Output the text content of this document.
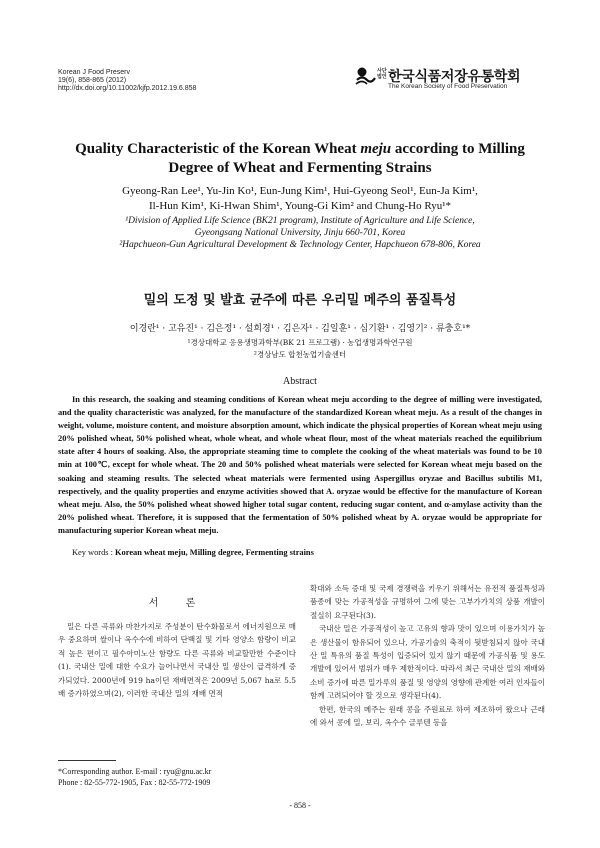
Korean J Food Preserv
19(6), 858-865 (2012)
http://dx.doi.org/10.11002/kjfp.2012.19.6.858
사단법인 한국식품저장유통학회
The Korean Society of Food Preservation
Quality Characteristic of the Korean Wheat meju according to Milling
Degree of Wheat and Fermenting Strains
Gyeong-Ran Lee¹, Yu-Jin Ko¹, Eun-Jung Kim¹, Hui-Gyeong Seol¹, Eun-Ja Kim¹,
Il-Hun Kim¹, Ki-Hwan Shim¹, Young-Gi Kim² and Chung-Ho Ryu¹*
¹Division of Applied Life Science (BK21 program), Institute of Agriculture and Life Science,
Gyeongsang National University, Jinju 660-701, Korea
²Hapchueon-Gun Agricultural Development & Technology Center, Hapchueon 678-806, Korea
밀의 도정 및 발효 균주에 따른 우리밀 메주의 품질특성
이경란¹ · 고유진¹ · 김은정¹ · 설희경¹ · 김은자¹ · 김일훈¹ · 심기환¹ · 김영기² · 류충호¹*
¹경상대학교 응용생명과학부(BK 21 프로그램) · 농업생명과학연구원
²경상남도 합천농업기술센터
Abstract
In this research, the soaking and steaming conditions of Korean wheat meju according to the degree of milling were investigated, and the quality characteristic was analyzed, for the manufacture of the standardized Korean wheat meju. As a result of the changes in weight, volume, moisture content, and moisture absorption amount, which indicate the physical properties of Korean wheat meju using 20% polished wheat, 50% polished wheat, whole wheat, and whole wheat flour, most of the wheat materials reached the equilibrium state after 4 hours of soaking. Also, the appropriate steaming time to complete the cooking of the wheat materials was found to be 10 min at 100℃, except for whole wheat. The 20 and 50% polished wheat materials were selected for Korean wheat meju based on the soaking and steaming results. The selected wheat materials were fermented using Aspergillus oryzae and Bacillus subtilis M1, respectively, and the quality properties and enzyme activities showed that A. oryzae would be effective for the manufacture of Korean wheat meju. Also, the 50% polished wheat showed higher total sugar content, reducing sugar content, and α-amylase activity than the 20% polished wheat. Therefore, it is supposed that the fermentation of 50% polished wheat by A. oryzae would be appropriate for manufacturing superior Korean wheat meju.
Key words : Korean wheat meju, Milling degree, Fermenting strains
서 론

밀은 다른 곡류와 마찬가지로 주성분이 탄수화물로서 에너지원으로 매우 중요하며 쌀이나 옥수수에 비하여 단백질 및 기타 영양소 함량이 비교적 높은 편이고 필수아미노산 함량도 다른 곡류와 비교할만한 수준이다(1). 국내산 밀에 대한 수요가 늘어나면서 국내산 밀 생산이 급격하게 증가되었다. 2000년에 919 ha이던 재배면적은 2009년 5,067 ha로 5.5배 증가하였으며(2), 이러한 국내산 밀의 재배 면적

*Corresponding author. E-mail : ryu@gnu.ac.kr
Phone : 82-55-772-1905, Fax : 82-55-772-1909

확대와 소득 증대 및 국제 경쟁력을 키우기 위해서는 유전적 품질특성과 품종에 맞는 가공적성을 규명하여 그에 맞는 고부가가치의 상품 개발이 절실히 요구된다(3).

국내산 밀은 가공적성이 높고 고유의 향과 맛이 있으며 이용가치가 높은 생산물이 함유되어 있으나, 가공기술의 축적이 뒷받침되지 않아 국내산 밀 특유의 품질 특성이 입증되어 있지 않기 때문에 가공식품 및 용도개발에 있어서 범위가 매우 제한적이다. 따라서 최근 국내산 밀의 재배와 소비 증가에 따른 밀가루의 품질 및 영양의 영향에 관계한 여러 인자들이 함께 고려되어야 할 것으로 생각된다(4).

한편, 한국의 메주는 원래 콩을 주원료로 하여 제조하여 왔으나 근래에 와서 콩에 밀, 보리, 옥수수 글루텐 등을

- 858 -
